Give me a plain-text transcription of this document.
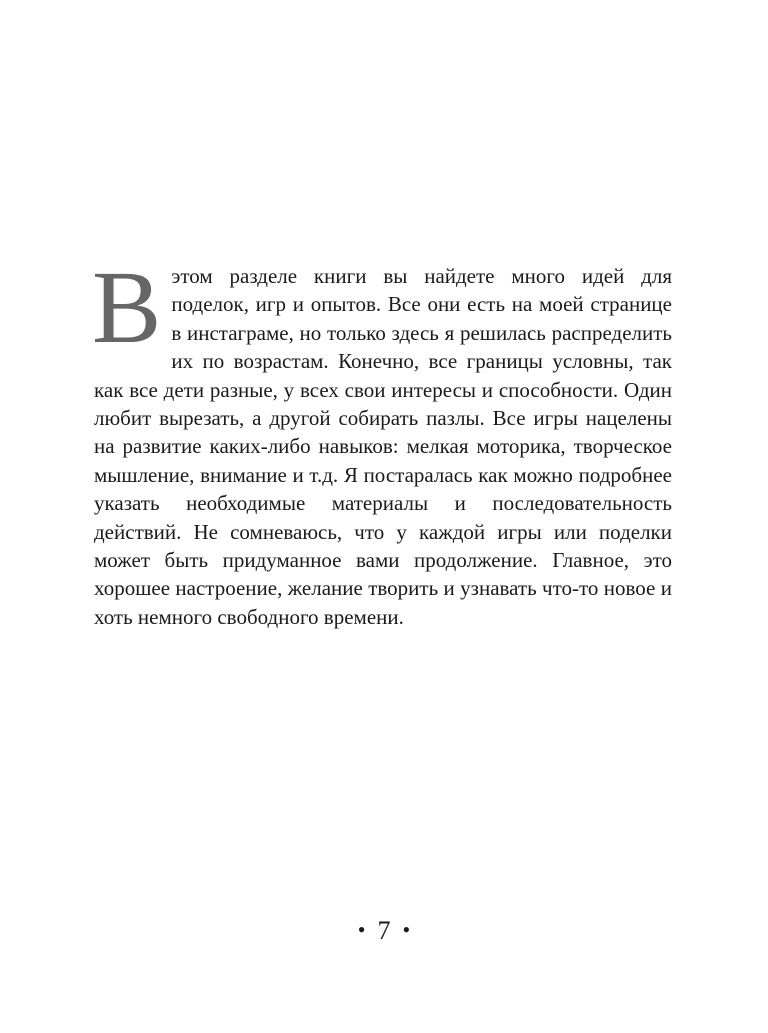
В этом разделе книги вы найдете много идей для поделок, игр и опытов. Все они есть на моей странице в инстаграме, но только здесь я решилась распределить их по возрастам. Конечно, все границы условны, так как все дети разные, у всех свои интересы и способности. Один любит вырезать, а другой собирать пазлы. Все игры нацелены на развитие каких-либо навыков: мелкая моторика, творческое мышление, внимание и т.д. Я постаралась как можно подробнее указать необходимые материалы и последовательность действий. Не сомневаюсь, что у каждой игры или поделки может быть придуманное вами продолжение. Главное, это хорошее настроение, желание творить и узнавать что-то новое и хоть немного свободного времени.
• 7 •
